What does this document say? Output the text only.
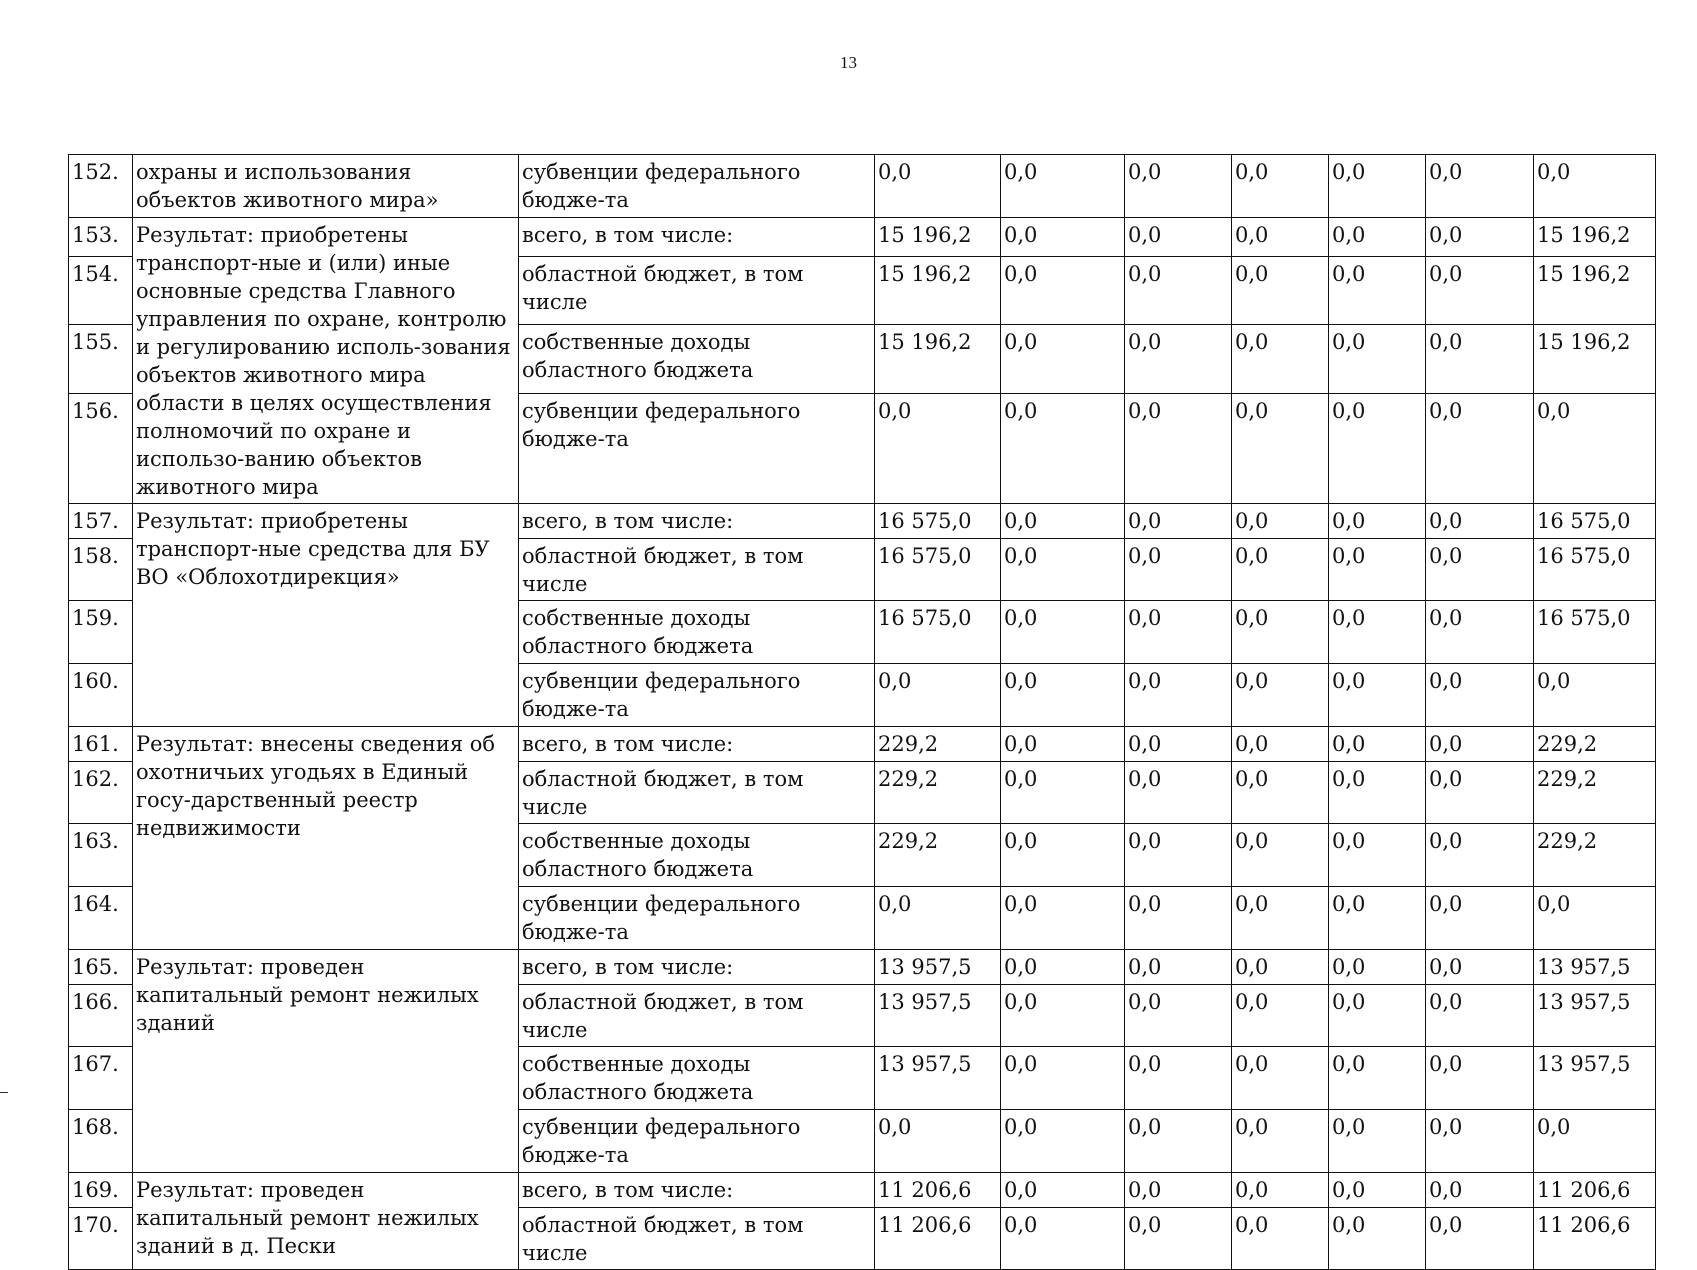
13
152.	охраны и использования объектов животного мира»	субвенции федерального бюдже-та	0,0	0,0	0,0	0,0	0,0	0,0	0,0
153.	Результат: приобретены транспорт-ные и (или) иные основные средства Главного управления по охране, контролю и регулированию исполь-зования объектов животного мира области в целях осуществления полномочий по охране и использо-ванию объектов животного мира	всего, в том числе:	15 196,2	0,0	0,0	0,0	0,0	0,0	15 196,2
154.		областной бюджет, в том числе	15 196,2	0,0	0,0	0,0	0,0	0,0	15 196,2
155.		собственные доходы областного бюджета	15 196,2	0,0	0,0	0,0	0,0	0,0	15 196,2
156.		субвенции федерального бюдже-та	0,0	0,0	0,0	0,0	0,0	0,0	0,0
157.	Результат: приобретены транспорт-ные средства для БУ ВО «Облохотдирекция»	всего, в том числе:	16 575,0	0,0	0,0	0,0	0,0	0,0	16 575,0
158.		областной бюджет, в том числе	16 575,0	0,0	0,0	0,0	0,0	0,0	16 575,0
159.		собственные доходы областного бюджета	16 575,0	0,0	0,0	0,0	0,0	0,0	16 575,0
160.		субвенции федерального бюдже-та	0,0	0,0	0,0	0,0	0,0	0,0	0,0
161.	Результат: внесены сведения об охотничьих угодьях в Единый госу-дарственный реестр недвижимости	всего, в том числе:	229,2	0,0	0,0	0,0	0,0	0,0	229,2
162.		областной бюджет, в том числе	229,2	0,0	0,0	0,0	0,0	0,0	229,2
163.		собственные доходы областного бюджета	229,2	0,0	0,0	0,0	0,0	0,0	229,2
164.		субвенции федерального бюдже-та	0,0	0,0	0,0	0,0	0,0	0,0	0,0
165.	Результат: проведен капитальный ремонт нежилых зданий	всего, в том числе:	13 957,5	0,0	0,0	0,0	0,0	0,0	13 957,5
166.		областной бюджет, в том числе	13 957,5	0,0	0,0	0,0	0,0	0,0	13 957,5
167.		собственные доходы областного бюджета	13 957,5	0,0	0,0	0,0	0,0	0,0	13 957,5
168.		субвенции федерального бюдже-та	0,0	0,0	0,0	0,0	0,0	0,0	0,0
169.	Результат: проведен капитальный ремонт нежилых зданий в д. Пески	всего, в том числе:	11 206,6	0,0	0,0	0,0	0,0	0,0	11 206,6
170.		областной бюджет, в том числе	11 206,6	0,0	0,0	0,0	0,0	0,0	11 206,6
